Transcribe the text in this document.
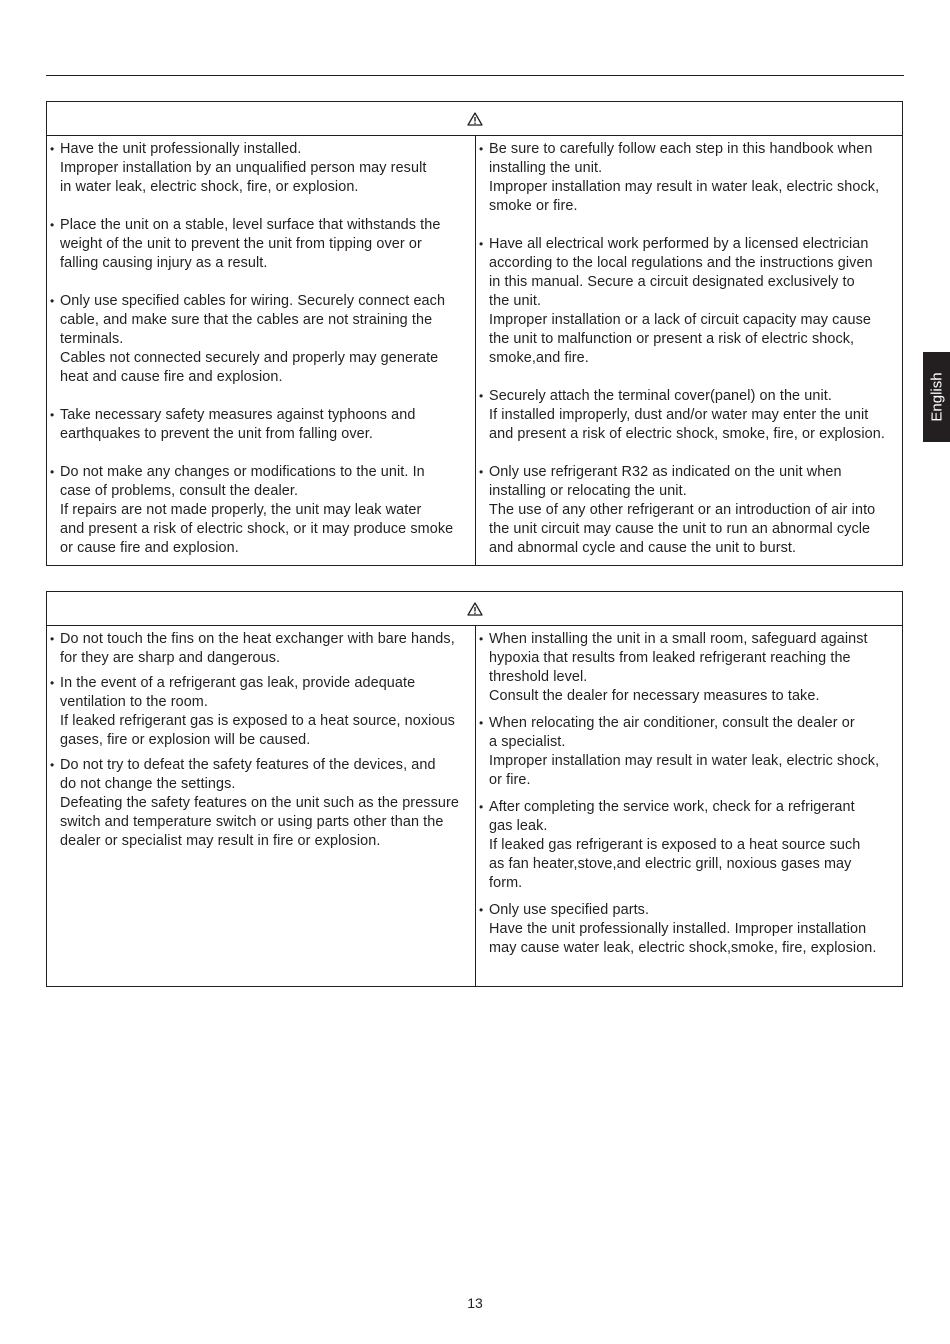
• Have the unit professionally installed.
Improper installation by an unqualified person may result
in water leak, electric shock, fire, or explosion.

• Place the unit on a stable, level surface that withstands the
weight of the unit to prevent the unit from tipping over or
falling causing injury as a result.

• Only use specified cables for wiring. Securely connect each
cable, and make sure that the cables are not straining the
terminals.
Cables not connected securely and properly may generate
heat and cause fire and explosion.

• Take necessary safety measures against typhoons and
earthquakes to prevent the unit from falling over.

• Do not make any changes or modifications to the unit. In
case of problems, consult the dealer.
If repairs are not made properly, the unit may leak water
and present a risk of electric shock, or it may produce smoke
or cause fire and explosion.

• Be sure to carefully follow each step in this handbook when
installing the unit.
Improper installation may result in water leak, electric shock,
smoke or fire.

• Have all electrical work performed by a licensed electrician
according to the local regulations and the instructions given
in this manual. Secure a circuit designated exclusively to
the unit.
Improper installation or a lack of circuit capacity may cause
the unit to malfunction or present a risk of electric shock,
smoke,and fire.

• Securely attach the terminal cover(panel) on the unit.
If installed improperly, dust and/or water may enter the unit
and present a risk of electric shock, smoke, fire, or explosion.

• Only use refrigerant R32 as indicated on the unit when
installing or relocating the unit.
The use of any other refrigerant or an introduction of air into
the unit circuit may cause the unit to run an abnormal cycle
and abnormal cycle and cause the unit to burst.

• Do not touch the fins on the heat exchanger with bare hands,
for they are sharp and dangerous.

• In the event of a refrigerant gas leak, provide adequate
ventilation to the room.
If leaked refrigerant gas is exposed to a heat source, noxious
gases, fire or explosion will be caused.

• Do not try to defeat the safety features of the devices, and
do not change the settings.
Defeating the safety features on the unit such as the pressure
switch and temperature switch or using parts other than the
dealer or specialist may result in fire or explosion.

• When installing the unit in a small room, safeguard against
hypoxia that results from leaked refrigerant reaching the
threshold level.
Consult the dealer for necessary measures to take.

• When relocating the air conditioner, consult the dealer or
a specialist.
Improper installation may result in water leak, electric shock,
or fire.

• After completing the service work, check for a refrigerant
gas leak.
If leaked gas refrigerant is exposed to a heat source such
as fan heater,stove,and electric grill, noxious gases may
form.

• Only use specified parts.
Have the unit professionally installed. Improper installation
may cause water leak, electric shock,smoke, fire, explosion.

English
13
